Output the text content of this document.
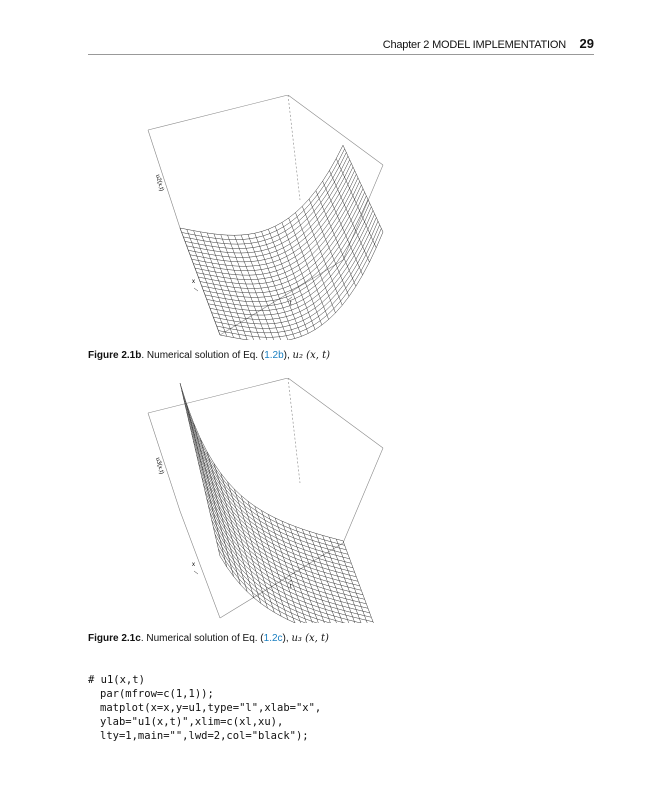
Chapter 2 MODEL IMPLEMENTATION 29
u2(x,t)
x
t
Figure 2.1b. Numerical solution of Eq. (1.2b), u₂ (x, t)
u3(x,t)
x
t
Figure 2.1c. Numerical solution of Eq. (1.2c), u₃ (x, t)
# u1(x,t)
par(mfrow=c(1,1));
matplot(x=x,y=u1,type="l",xlab="x",
ylab="u1(x,t)",xlim=c(xl,xu),
lty=1,main="",lwd=2,col="black");
